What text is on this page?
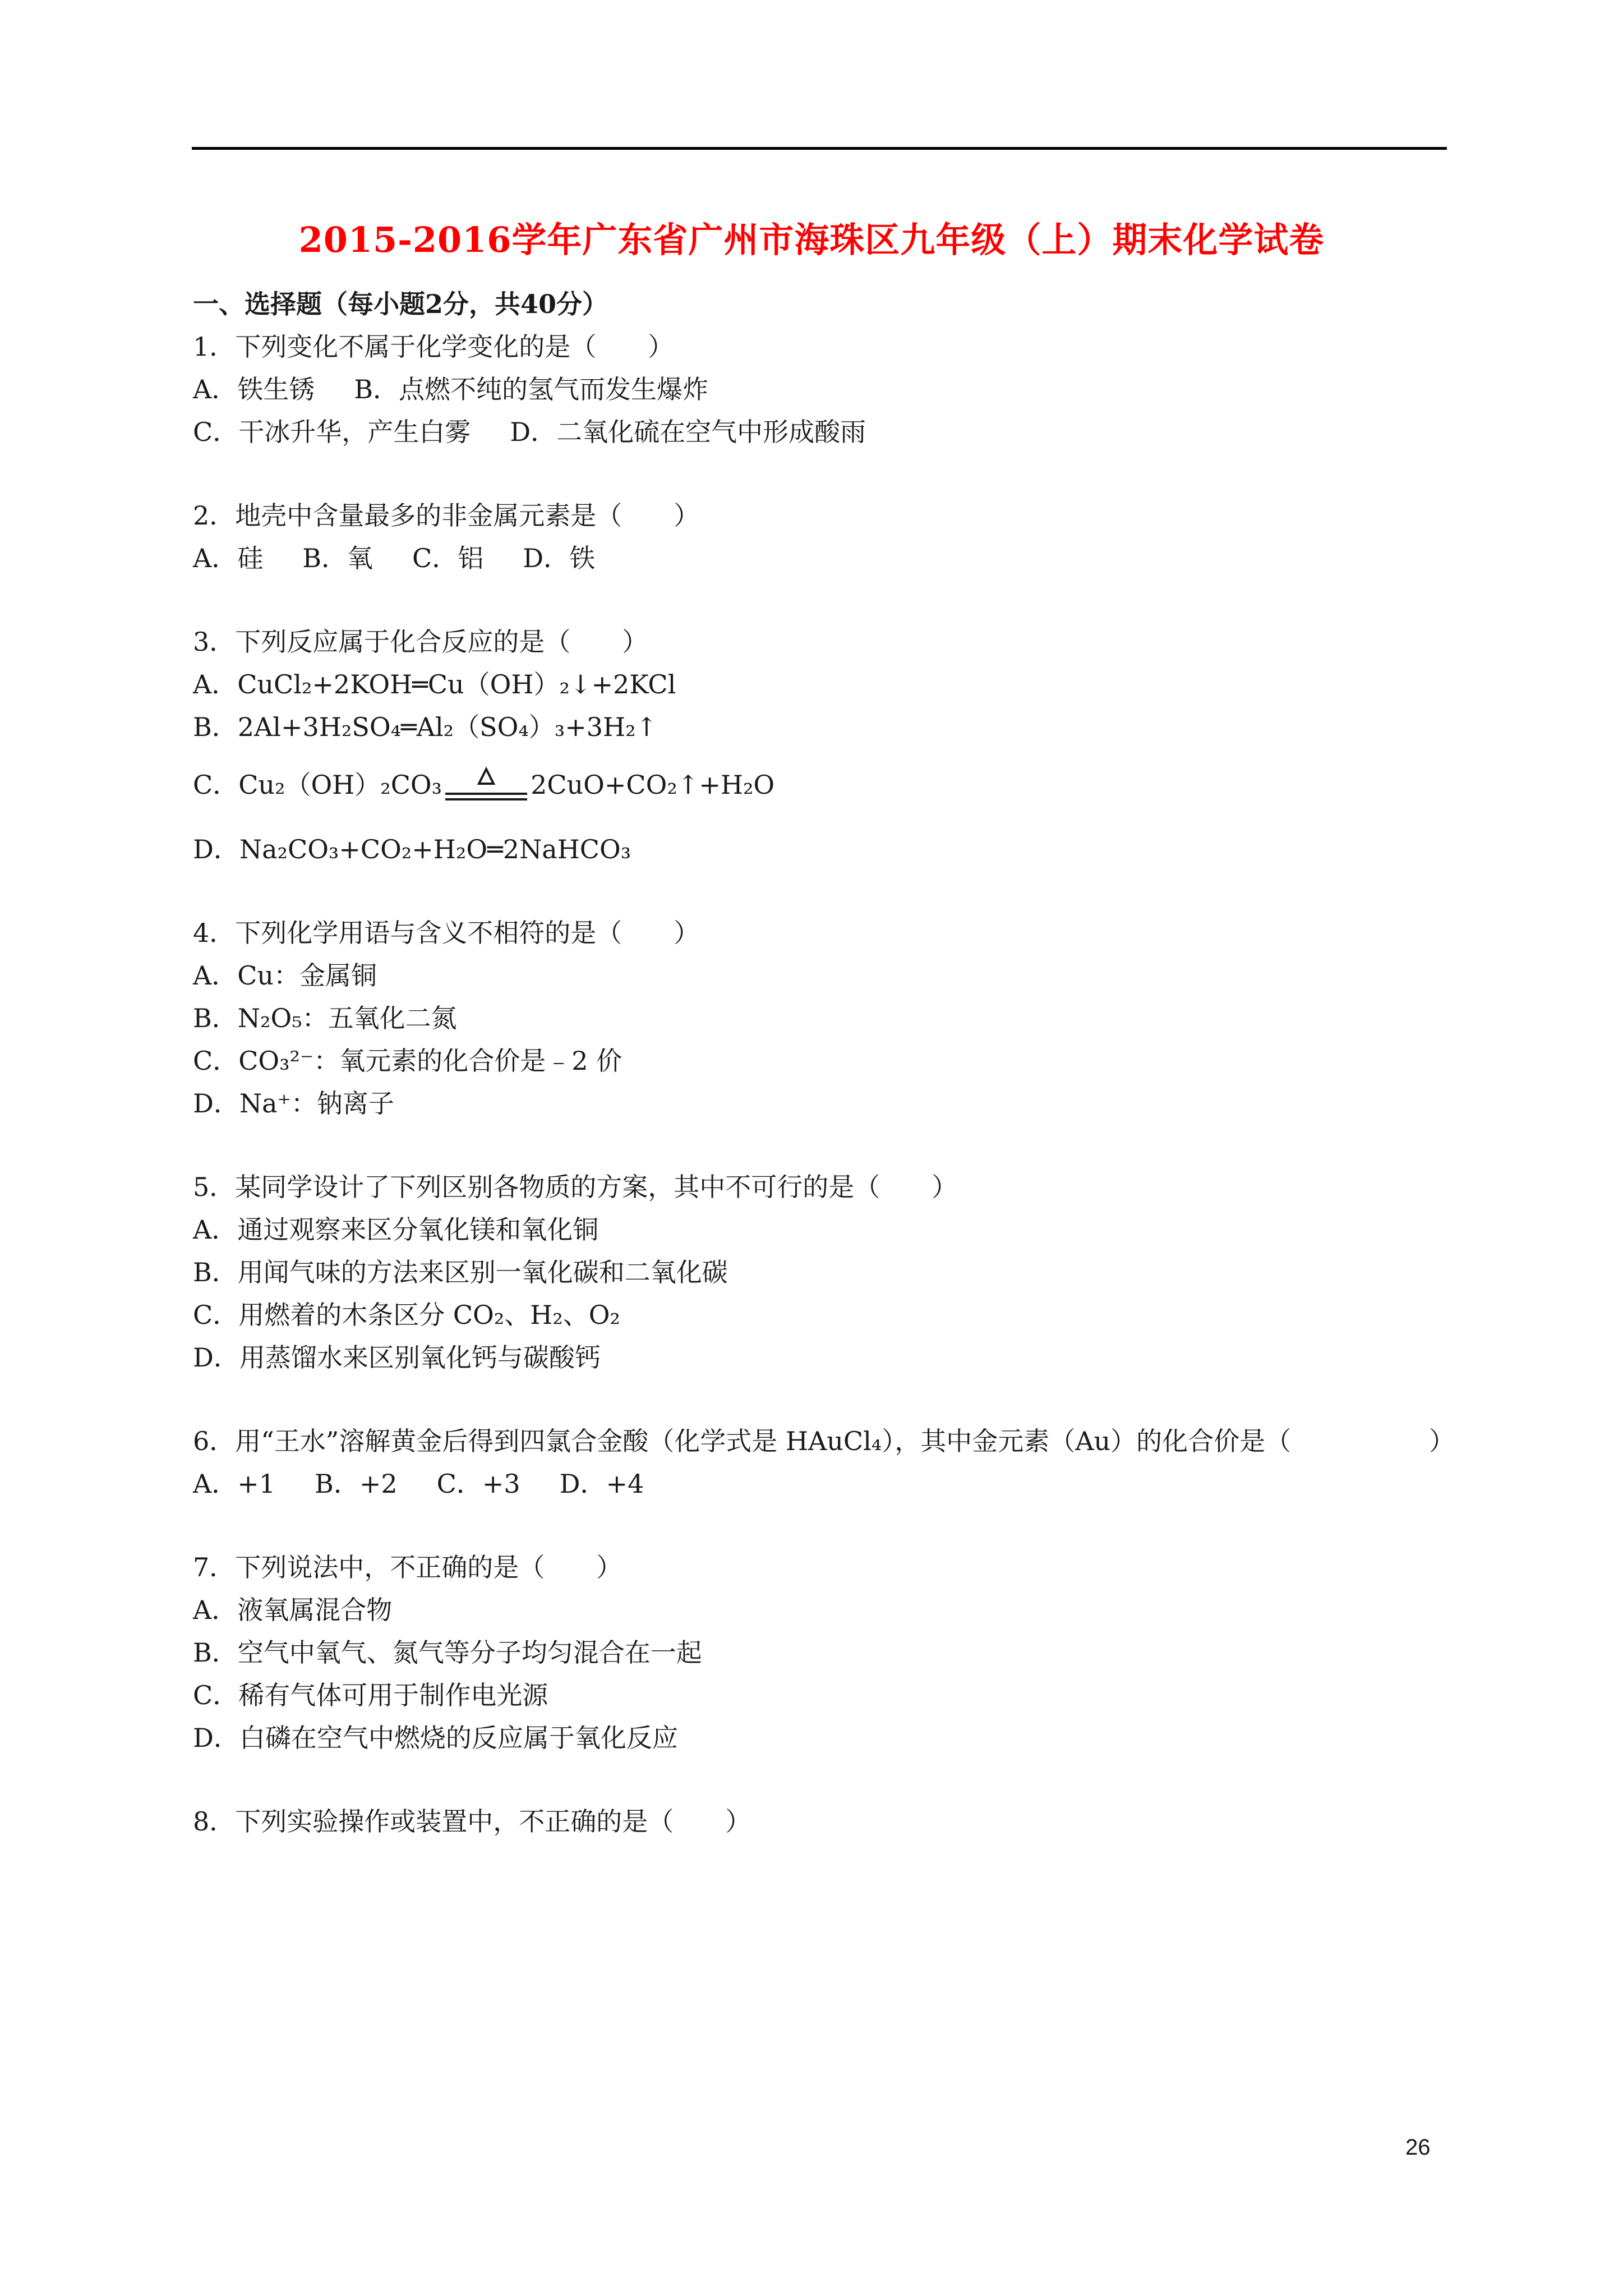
2015-2016学年广东省广州市海珠区九年级（上）期末化学试卷
一、选择题（每小题2分，共40分）
1．下列变化不属于化学变化的是（　　）
A．铁生锈 B．点燃不纯的氢气而发生爆炸
C．干冰升华，产生白雾 D．二氧化硫在空气中形成酸雨
2．地壳中含量最多的非金属元素是（　　）
A．硅 B．氧 C．铝 D．铁
3．下列反应属于化合反应的是（　　）
A．CuCl₂+2KOH═Cu（OH）₂↓+2KCl
B．2Al+3H₂SO₄═Al₂（SO₄）₃+3H₂↑
C．Cu₂（OH）₂CO₃	2CuO+CO₂↑+H₂O
D．Na₂CO₃+CO₂+H₂O═2NaHCO₃
4．下列化学用语与含义不相符的是（　　）
A．Cu：金属铜
B．N₂O₅：五氧化二氮
C．CO₃²⁻：氧元素的化合价是﹣2 价
D．Na⁺：钠离子
5．某同学设计了下列区别各物质的方案，其中不可行的是（　　）
A．通过观察来区分氧化镁和氧化铜
B．用闻气味的方法来区别一氧化碳和二氧化碳
C．用燃着的木条区分 CO₂、H₂、O₂
D．用蒸馏水来区别氧化钙与碳酸钙
6．用“王水”溶解黄金后得到四氯合金酸（化学式是 HAuCl₄），其中金元素（Au）的化合价是（	）
A．+1 B．+2 C．+3 D．+4
7．下列说法中，不正确的是（　　）
A．液氧属混合物
B．空气中氧气、氮气等分子均匀混合在一起
C．稀有气体可用于制作电光源
D．白磷在空气中燃烧的反应属于氧化反应
8．下列实验操作或装置中，不正确的是（　　）
26
